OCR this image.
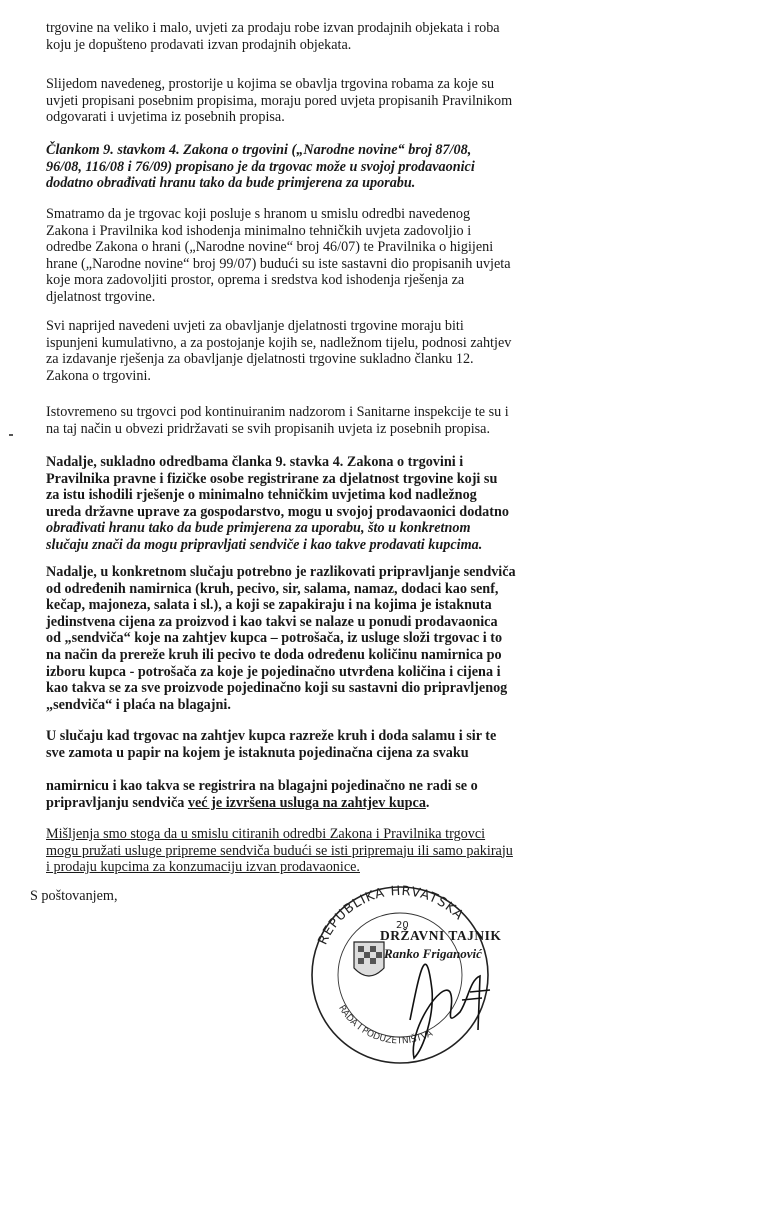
trgovine na veliko i malo, uvjeti za prodaju robe izvan prodajnih objekata i roba
koju je dopušteno prodavati izvan prodajnih objekata.
Slijedom navedeneg, prostorije u kojima se obavlja trgovina robama za koje su
uvjeti propisani posebnim propisima, moraju pored uvjeta propisanih Pravilnikom
odgovarati i uvjetima iz posebnih propisa.
Člankom 9. stavkom 4. Zakona o trgovini („Narodne novine“ broj 87/08,
96/08, 116/08 i 76/09) propisano je da trgovac može u svojoj prodavaonici
dodatno obrađivati hranu tako da bude primjerena za uporabu.
Smatramo da je trgovac koji posluje s hranom u smislu odredbi navedenog
Zakona i Pravilnika kod ishodenja minimalno tehničkih uvjeta zadovoljio i
odredbe Zakona o hrani („Narodne novine“ broj 46/07) te Pravilnika o higijeni
hrane („Narodne novine“ broj 99/07) budući su iste sastavni dio propisanih uvjeta
koje mora zadovoljiti prostor, oprema i sredstva kod ishodenja rješenja za
djelatnost trgovine.
Svi naprijed navedeni uvjeti za obavljanje djelatnosti trgovine moraju biti
ispunjeni kumulativno, a za postojanje kojih se, nadležnom tijelu, podnosi zahtjev
za izdavanje rješenja za obavljanje djelatnosti trgovine sukladno članku 12.
Zakona o trgovini.
Istovremeno su trgovci pod kontinuiranim nadzorom i Sanitarne inspekcije te su i
na taj način u obvezi pridržavati se svih propisanih uvjeta iz posebnih propisa.
Nadalje, sukladno odredbama članka 9. stavka 4. Zakona o trgovini i
Pravilnika pravne i fizičke osobe registrirane za djelatnost trgovine koji su
za istu ishodili rješenje o minimalno tehničkim uvjetima kod nadležnog
ureda državne uprave za gospodarstvo, mogu u svojoj prodavaonici dodatno
obrađivati hranu tako da bude primjerena za uporabu, što u konkretnom
slučaju znači da mogu pripravljati sendviče i kao takve prodavati kupcima.
Nadalje, u konkretnom slučaju potrebno je razlikovati pripravljanje sendviča
od određenih namirnica (kruh, pecivo, sir, salama, namaz, dodaci kao senf,
kečap, majoneza, salata i sl.), a koji se zapakiraju i na kojima je istaknuta
jedinstvena cijena za proizvod i kao takvi se nalaze u ponudi prodavaonica
od „sendviča“ koje na zahtjev kupca – potrošača, iz usluge složi trgovac i to
na način da prereže kruh ili pecivo te doda određenu količinu namirnica po
izboru kupca - potrošača za koje je pojedinačno utvrđena količina i cijena i
kao takva se za sve proizvode pojedinačno koji su sastavni dio pripravljenog
„sendviča“ i plaća na blagajni.
U slučaju kad trgovac na zahtjev kupca razreže kruh i doda salamu i sir te
sve zamota u papir na kojem je istaknuta pojedinačna cijena za svaku
namirnicu i kao takva se registrira na blagajni pojedinačno ne radi se o
pripravljanju sendviča već je izvršena usluga na zahtjev kupca.
Mišljenja smo stoga da u smislu citiranih odredbi Zakona i Pravilnika trgovci
mogu pružati usluge pripreme sendviča budući se isti pripremaju ili samo pakiraju
i prodaju kupcima za konzumaciju izvan prodavaonice.

S poštovanjem,

REPUBLIKA HRVATSKA
RADA I PODUZETNIŠTVA
20
DRŽAVNI TAJNIK
Ranko Friganović
